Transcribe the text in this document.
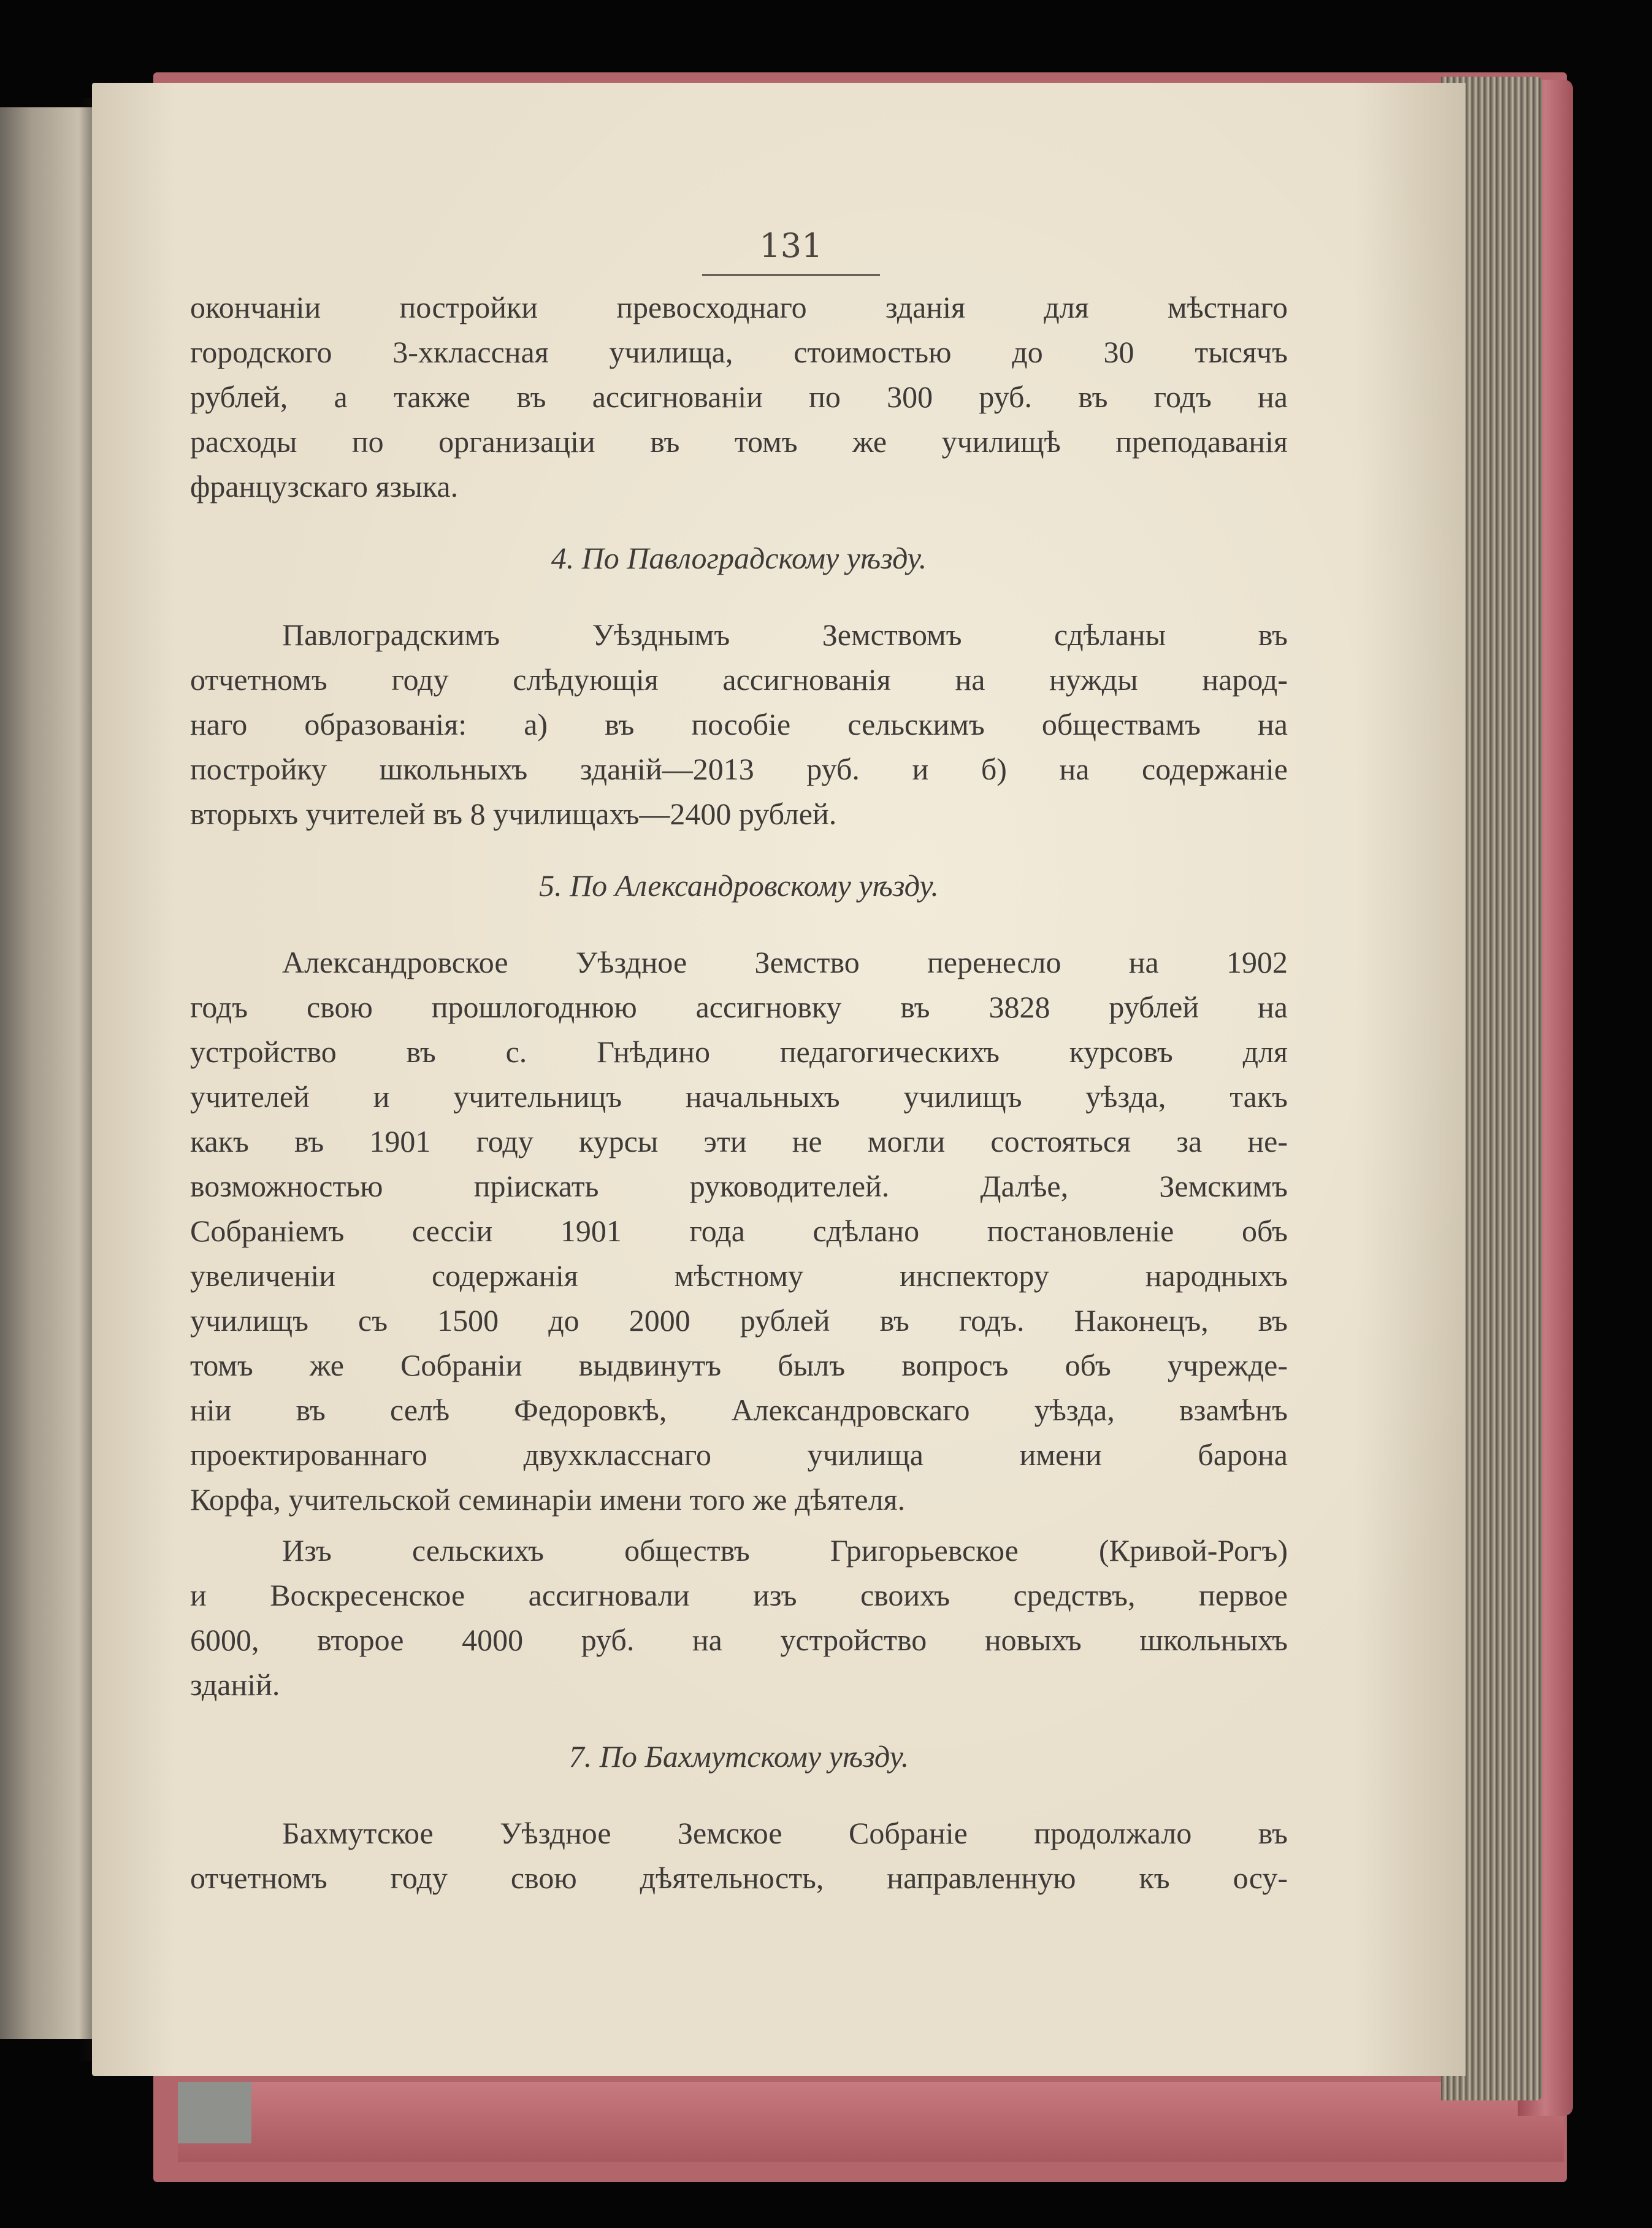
131
окончанiи постройки превосходнаго зданiя для мѣстнаго
городского 3-хклассная училища, стоимостью до 30 тысячъ
рублей, а также въ ассигнованiи по 300 руб. въ годъ на
расходы по организацiи въ томъ же училищѣ преподаванiя
французскаго языка.
4. По Павлоградскому уѣзду.
Павлоградскимъ Уѣзднымъ Земствомъ сдѣланы въ
отчетномъ году слѣдующiя ассигнованiя на нужды народ-
наго образованiя: а) въ пособiе сельскимъ обществамъ на
постройку школьныхъ зданiй—2013 руб. и б) на содержанiе
вторыхъ учителей въ 8 училищахъ—2400 рублей.
5. По Александровскому уѣзду.
Александровское Уѣздное Земство перенесло на 1902
годъ свою прошлогоднюю ассигновку въ 3828 рублей на
устройство въ с. Гнѣдино педагогическихъ курсовъ для
учителей и учительницъ начальныхъ училищъ уѣзда, такъ
какъ въ 1901 году курсы эти не могли состояться за не-
возможностью прiискать руководителей. Далѣе, Земскимъ
Собранiемъ сессiи 1901 года сдѣлано постановленiе объ
увеличенiи содержанiя мѣстному инспектору народныхъ
училищъ съ 1500 до 2000 рублей въ годъ. Наконецъ, въ
томъ же Собранiи выдвинутъ былъ вопросъ объ учрежде-
нiи въ селѣ Федоровкѣ, Александровскаго уѣзда, взамѣнъ
проектированнаго двухкласснаго училища имени барона
Корфа, учительской семинарiи имени того же дѣятеля.
Изъ сельскихъ обществъ Григорьевское (Кривой-Рогъ)
и Воскресенское ассигновали изъ своихъ средствъ, первое
6000, второе 4000 руб. на устройство новыхъ школьныхъ
зданiй.
7. По Бахмутскому уѣзду.
Бахмутское Уѣздное Земское Собранiе продолжало въ
отчетномъ году свою дѣятельность, направленную къ осу-
